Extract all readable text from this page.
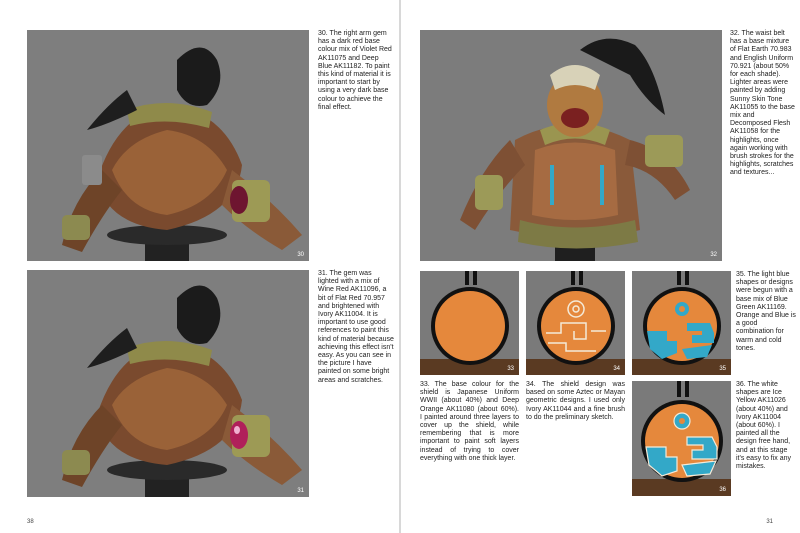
30

30. The right arm gem has a dark red base colour mix of Violet Red AK11075 and Deep Blue AK11182. To paint this kind of material it is important to start by using a very dark base colour to achieve the final effect.

31

31. The gem was lighted with a mix of Wine Red AK11096, a bit of Flat Red 70.957 and brightened with Ivory AK11004. It is important to use good references to paint this kind of material because achieving this effect isn't easy. As you can see in the picture I have painted on some bright areas and scratches.

38
32

32. The waist belt has a base mixture of Flat Earth 70.983 and English Uniform 70.921 (about 50% for each shade). Lighter areas were painted by adding Sunny Skin Tone AK11055 to the base mix and Decomposed Flesh AK11058 for the highlights, once again working with brush strokes for the highlights, scratches and textures...

33	34	35

35. The light blue shapes or designs were begun with a base mix of Blue Green AK11169. Orange and Blue is a good combination for warm and cold tones.

33. The base colour for the shield is Japanese Uniform WWII (about 40%) and Deep Orange AK11080 (about 60%). I painted around three layers to cover up the shield, while remembering that is more important to paint soft layers instead of trying to cover everything with one thick layer.

34. The shield design was based on some Aztec or Mayan geometric designs. I used only Ivory AK11044 and a fine brush to do the preliminary sketch.

36

36. The white shapes are Ice Yellow AK11026 (about 40%) and Ivory AK11004 (about 60%). I painted all the design free hand, and at this stage it's easy to fix any mistakes.

31
